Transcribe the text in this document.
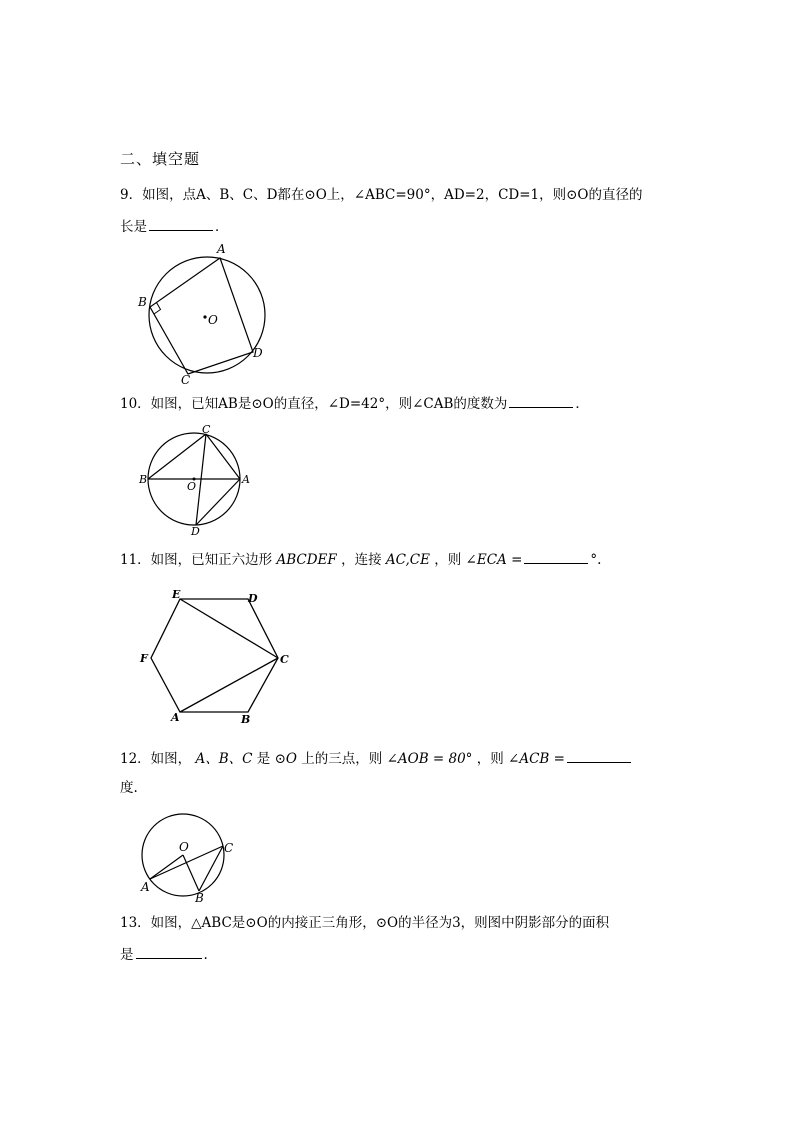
二、填空题
9．如图，点A、B、C、D都在⊙O上，∠ABC=90°，AD=2，CD=1，则⊙O的直径的
长是	．
A
B
C
D
O
10．如图，已知AB是⊙O的直径，∠D=42°，则∠CAB的度数为	．
C
B	A
O
D
11．如图，已知正六边形 ABCDEF ，连接 AC,CE ，则 ∠ECA =	°.
E	D
C
F
A	B
12．如图， A、B、C 是 ⊙O 上的三点，则 ∠AOB = 80° ，则 ∠ACB =
度.
O	C
A
B
13．如图，△ABC是⊙O的内接正三角形，⊙O的半径为3，则图中阴影部分的面积
是	.
